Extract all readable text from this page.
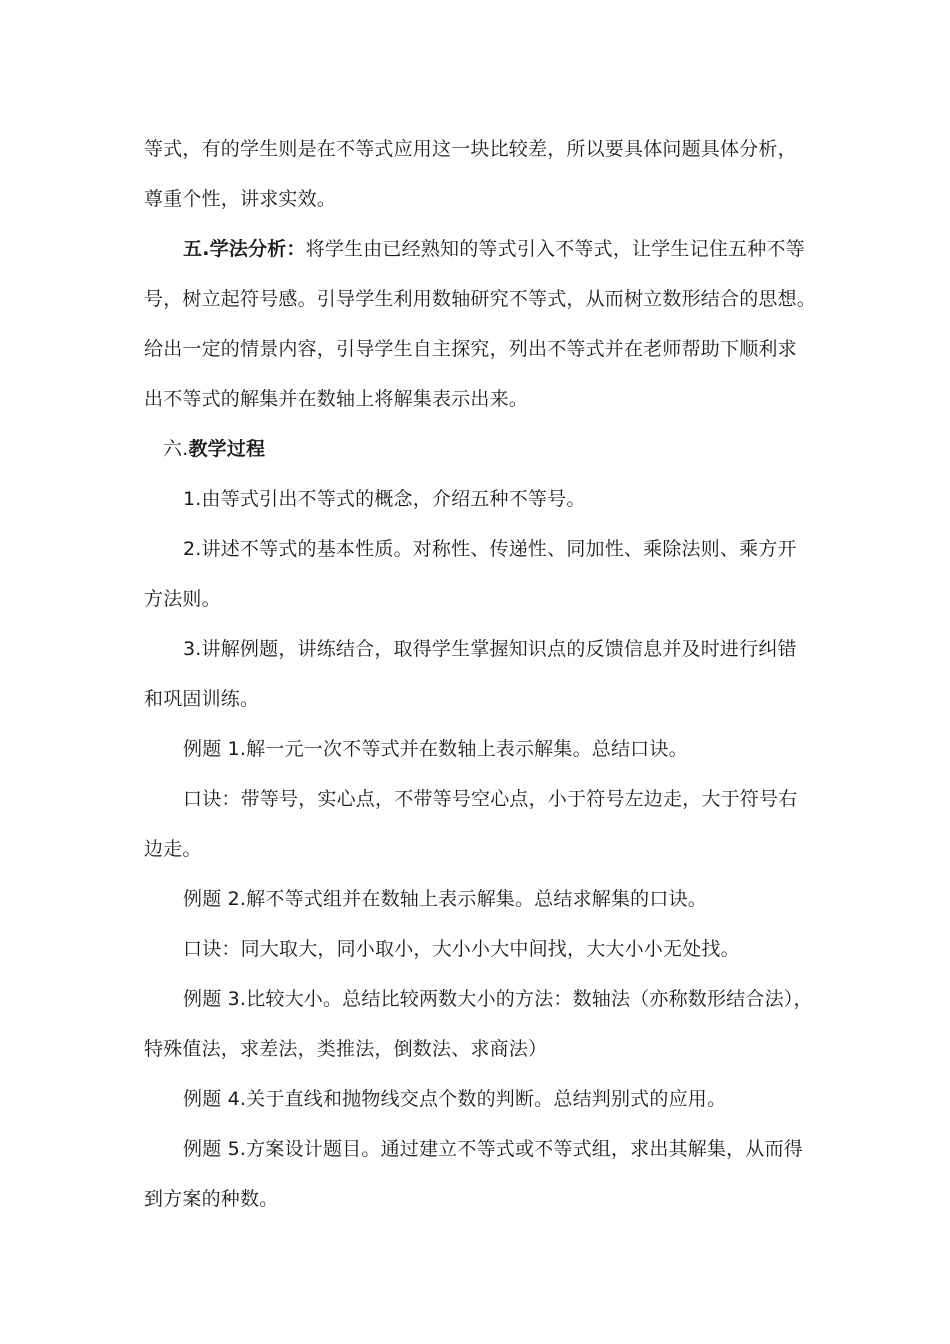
等式，有的学生则是在不等式应用这一块比较差，所以要具体问题具体分析，
尊重个性，讲求实效。
五.学法分析：将学生由已经熟知的等式引入不等式，让学生记住五种不等
号，树立起符号感。引导学生利用数轴研究不等式，从而树立数形结合的思想。
给出一定的情景内容，引导学生自主探究，列出不等式并在老师帮助下顺利求
出不等式的解集并在数轴上将解集表示出来。
六.教学过程
1.由等式引出不等式的概念，介绍五种不等号。
2.讲述不等式的基本性质。对称性、传递性、同加性、乘除法则、乘方开
方法则。
3.讲解例题，讲练结合，取得学生掌握知识点的反馈信息并及时进行纠错
和巩固训练。
例题 1.解一元一次不等式并在数轴上表示解集。总结口诀。
口诀：带等号，实心点，不带等号空心点，小于符号左边走，大于符号右
边走。
例题 2.解不等式组并在数轴上表示解集。总结求解集的口诀。
口诀：同大取大，同小取小，大小小大中间找，大大小小无处找。
例题 3.比较大小。总结比较两数大小的方法：数轴法（亦称数形结合法），
特殊值法，求差法，类推法，倒数法、求商法）
例题 4.关于直线和抛物线交点个数的判断。总结判别式的应用。
例题 5.方案设计题目。通过建立不等式或不等式组，求出其解集，从而得
到方案的种数。
